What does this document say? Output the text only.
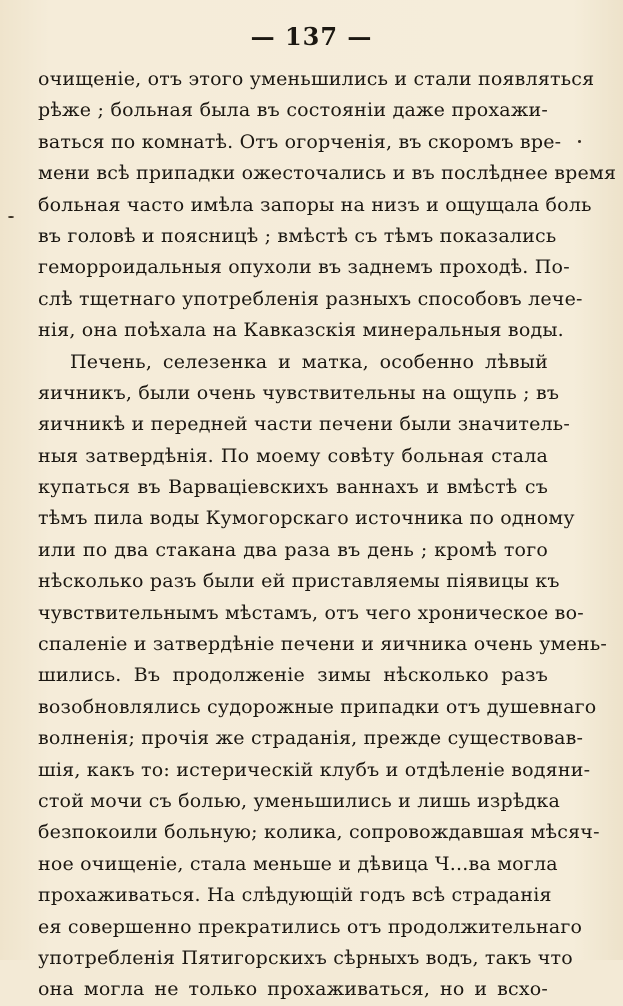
— 137 —
очищеніе, отъ этого уменьшились и стали появляться
рѣже ; больная была въ состояніи даже прохажи-
ваться по комнатѣ. Отъ огорченія, въ скоромъ вре-
мени всѣ припадки ожесточались и въ послѣднее время
больная часто имѣла запоры на низъ и ощущала боль
въ головѣ и поясницѣ ; вмѣстѣ съ тѣмъ показались
геморроидальныя опухоли въ заднемъ проходѣ. По-
слѣ тщетнаго употребленія разныхъ способовъ лече-
нія, она поѣхала на Кавказскія минеральныя воды.
Печень, селезенка и матка, особенно лѣвый
яичникъ, были очень чувствительны на ощупь ; въ
яичникѣ и передней части печени были значитель-
ныя затвердѣнія. По моему совѣту больная стала
купаться въ Варваціевскихъ ваннахъ и вмѣстѣ съ
тѣмъ пила воды Кумогорскаго источника по одному
или по два стакана два раза въ день ; кромѣ того
нѣсколько разъ были ей приставляемы піявицы къ
чувствительнымъ мѣстамъ, отъ чего хроническое во-
спаленіе и затвердѣніе печени и яичника очень умень-
шились. Въ продолженіе зимы нѣсколько разъ
возобновлялись судорожные припадки отъ душевнаго
волненія; прочія же страданія, прежде существовав-
шія, какъ то: истерическій клубъ и отдѣленіе водяни-
стой мочи съ болью, уменьшились и лишь изрѣдка
безпокоили больную; колика, сопровождавшая мѣсяч-
ное очищеніе, стала меньше и дѣвица Ч...ва могла
прохаживаться. На слѣдующій годъ всѣ страданія
ея совершенно прекратились отъ продолжительнаго
употребленія Пятигорскихъ сѣрныхъ водъ, такъ что
она могла не только прохаживаться, но и всхо-
